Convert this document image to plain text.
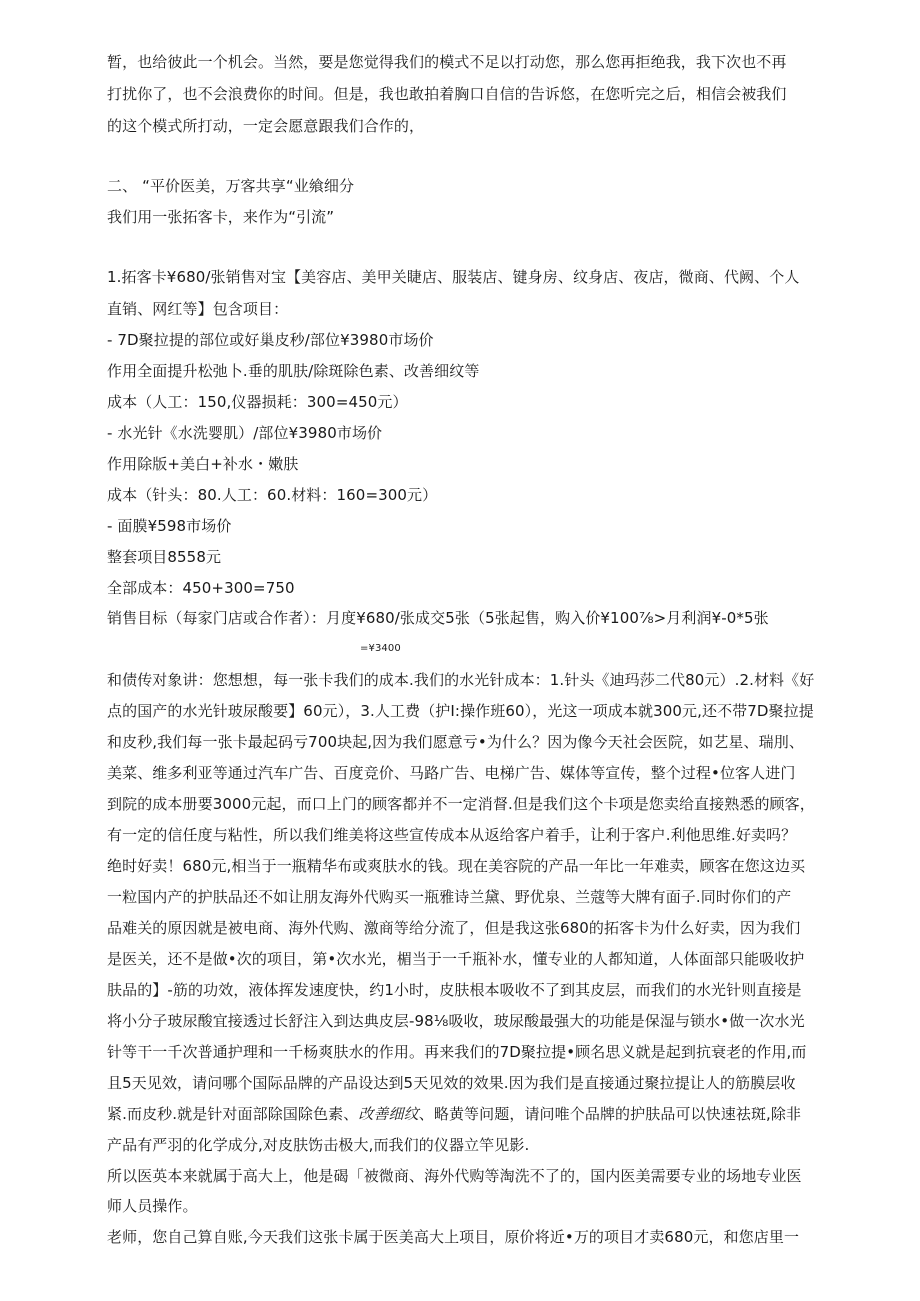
暂，也给彼此一个机会。当然，要是您觉得我们的模式不足以打动您，那么您再拒绝我，我下次也不再
打扰你了，也不会浪费你的时间。但是，我也敢拍着胸口自信的告诉悠，在您听完之后，相信会被我们
的这个模式所打动，一定会愿意跟我们合作的，
二、 “平价医美，万客共享“业飨细分
我们用一张拓客卡，来作为“引流”
1.拓客卡¥680/张销售对宝【美容店、美甲关睫店、服装店、键身房、纹身店、夜店，微商、代阙、个人
直销、网红等】包含项目：
- 7D聚拉提的部位或好巢皮秒/部位¥3980市场价
作用全面提升松弛卜.垂的肌肤/除斑除色素、改善细纹等
成本（人工：150,仪器损耗：300=450元）
- 水光针《水洗婴肌）/部位¥3980市场价
作用除版+美白+补水・嫩肤
成本（针头：80.人工：60.材料：160=300元）
- 面膜¥598市场价
整套项目8558元
全部成本：450+300=750
销售目标（每家门店或合作者）：月度¥680/张成交5张（5张起售，购入价¥100⅞>月利润¥-0*5张
=¥3400
和债传对象讲：您想想，每一张卡我们的成本.我们的水光针成本：1.针头《迪玛莎二代80元）.2.材料《好
点的国产的水光针玻尿酸要】60元），3.人工费（护I:操作班60），光这一项成本就300元,还不带7D聚拉提
和皮秒,我们每一张卡最起码亏700块起,因为我们愿意亏•为什么？因为像今天社会医院，如艺星、瑞刖、
美菜、维多利亚等通过汽车广告、百度竞价、马路广告、电梯广告、媒体等宣传，整个过程•位客人进门
到院的成本册要3000元起，而口上门的顾客都并不一定消督.但是我们这个卡项是您卖给直接熟悉的顾客，
有一定的信任度与粘性，所以我们维美将这些宣传成本从返给客户着手，让利于客户.利他思维.好卖吗？
绝时好卖！680元,相当于一瓶精华布或爽肤水的钱。现在美容院的产品一年比一年难卖，顾客在您这边买
一粒国内产的护肤品还不如让朋友海外代购买一瓶雅诗兰黛、野优泉、兰蔻等大牌有面子.同时你们的产
品难关的原因就是被电商、海外代购、激商等给分流了，但是我这张680的拓客卡为什么好卖，因为我们
是医关，还不是做•次的项目，第•次水光，楣当于一千瓶补水，懂专业的人都知道，人体面部只能吸收护
肤品的】-筋的功效，液体挥发速度快，约1小时，皮肤根本吸收不了到其皮层，而我们的水光针则直接是
将小分子玻尿酸宜接透过长舒注入到达典皮层-98⅛吸收，玻尿酸最强大的功能是保湿与锁水•做一次水光
针等干一千次普通护理和一千杨爽肤水的作用。再来我们的7D聚拉提•顾名思义就是起到抗衰老的作用,而
且5天见效，请问哪个国际品牌的产品设达到5天见效的效果.因为我们是直接通过聚拉提让人的筋膜层收
紧.而皮秒.就是针对面部除国除色素、改善细纹、略黄等问题，请问唯个品牌的护肤品可以快速祛斑,除非
产品有严羽的化学成分,对皮肤饬击极大,而我们的仪器立竿见影.
所以医英本来就属于高大上，他是碣「被微商、海外代购等淘洗不了的，国内医美需要专业的场地专业医
师人员操作。
老师，您自己算自账,今天我们这张卡属于医美高大上项目，原价将近•万的项目才卖680元，和您店里一
